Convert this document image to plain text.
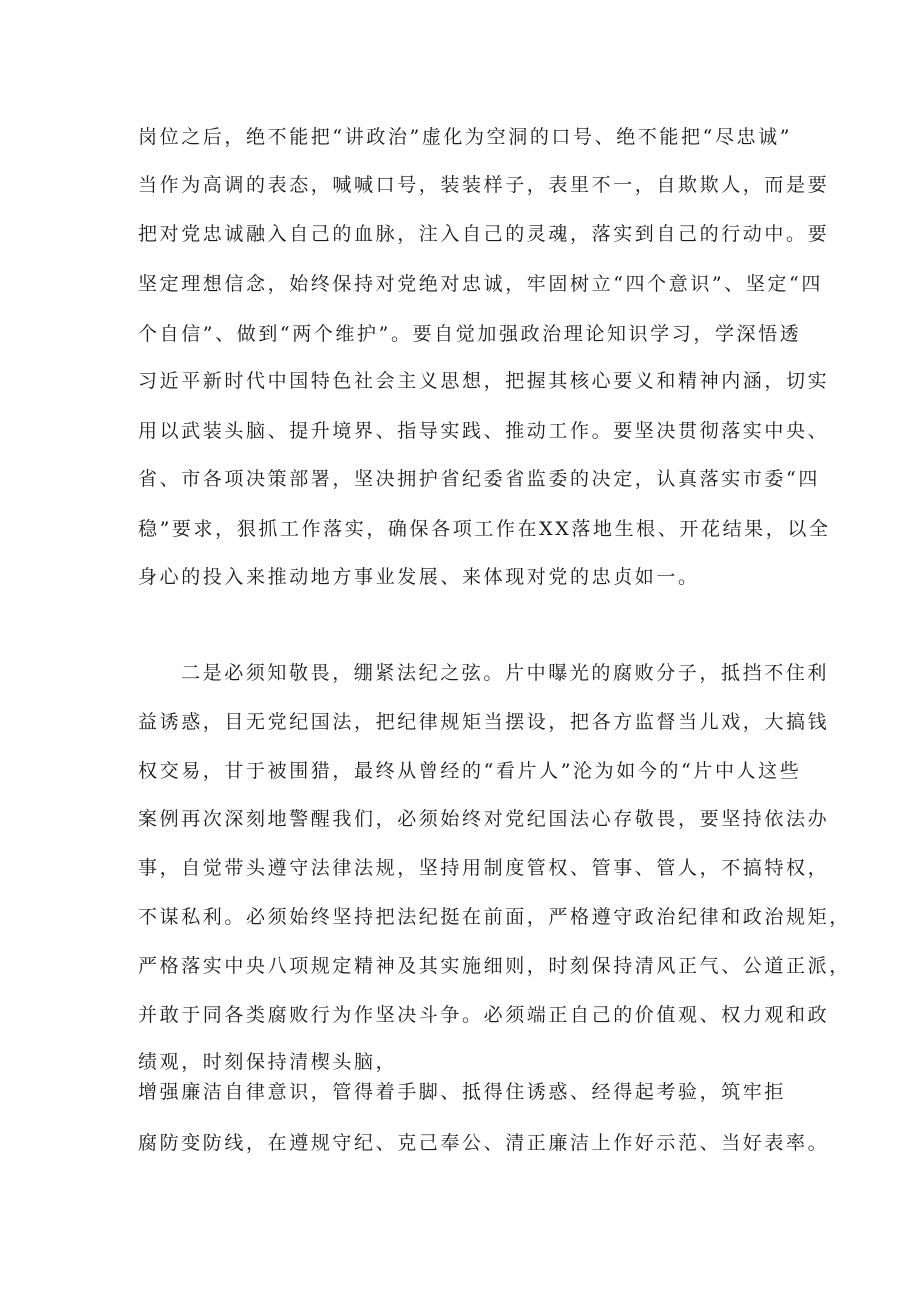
岗位之后，绝不能把“讲政治”虚化为空洞的口号、绝不能把“尽忠诚”
当作为高调的表态，喊喊口号，装装样子，表里不一，自欺欺人，而是要
把对党忠诚融入自己的血脉，注入自己的灵魂，落实到自己的行动中。要
坚定理想信念，始终保持对党绝对忠诚，牢固树立“四个意识”、坚定“四
个自信”、做到“两个维护”。要自觉加强政治理论知识学习，学深悟透
习近平新时代中国特色社会主义思想，把握其核心要义和精神内涵，切实
用以武装头脑、提升境界、指导实践、推动工作。要坚决贯彻落实中央、
省、市各项决策部署，坚决拥护省纪委省监委的决定，认真落实市委“四
稳”要求，狠抓工作落实，确保各项工作在XX落地生根、开花结果，以全
身心的投入来推动地方事业发展、来体现对党的忠贞如一。
二是必须知敬畏，绷紧法纪之弦。片中曝光的腐败分子，抵挡不住利
益诱惑，目无党纪国法，把纪律规矩当摆设，把各方监督当儿戏，大搞钱
权交易，甘于被围猎，最终从曾经的“看片人”沦为如今的“片中人这些
案例再次深刻地警醒我们，必须始终对党纪国法心存敬畏，要坚持依法办
事，自觉带头遵守法律法规，坚持用制度管权、管事、管人，不搞特权，
不谋私利。必须始终坚持把法纪挺在前面，严格遵守政治纪律和政治规矩，
严格落实中央八项规定精神及其实施细则，时刻保持清风正气、公道正派，
并敢于同各类腐败行为作坚决斗争。必须端正自己的价值观、权力观和政
绩观，时刻保持清楔头脑，
增强廉洁自律意识，管得着手脚、抵得住诱惑、经得起考验，筑牢拒
腐防变防线，在遵规守纪、克己奉公、清正廉洁上作好示范、当好表率。
